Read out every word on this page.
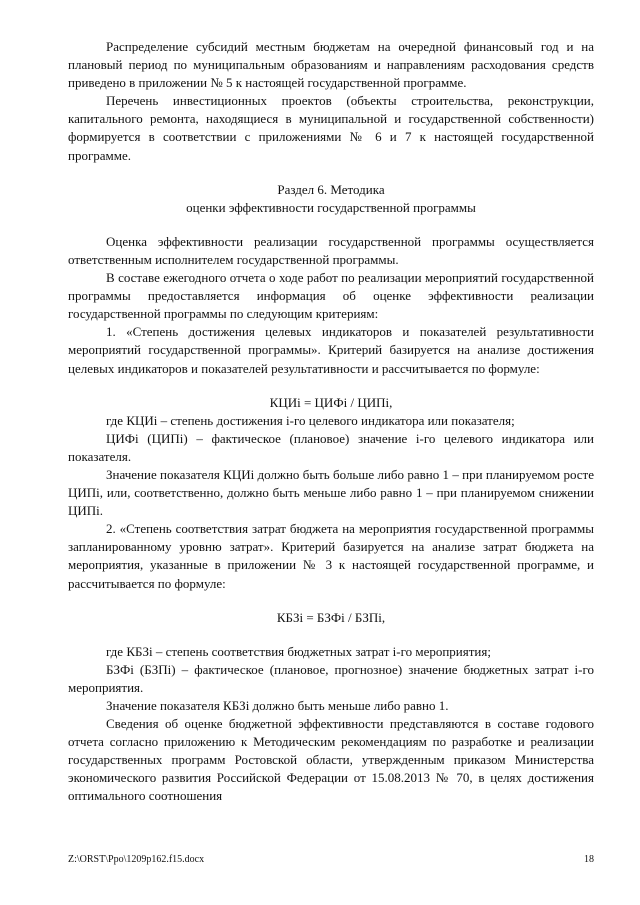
Распределение субсидий местным бюджетам на очередной финансовый год и на плановый период по муниципальным образованиям и направлениям расходования средств приведено в приложении № 5 к настоящей государственной программе.

Перечень инвестиционных проектов (объекты строительства, реконструкции, капитального ремонта, находящиеся в муниципальной и государственной собственности) формируется в соответствии с приложениями № 6 и 7 к настоящей государственной программе.

Раздел 6. Методика

оценки эффективности государственной программы

Оценка эффективности реализации государственной программы осуществляется ответственным исполнителем государственной программы.

В составе ежегодного отчета о ходе работ по реализации мероприятий государственной программы предоставляется информация об оценке эффективности реализации государственной программы по следующим критериям:

1. «Степень достижения целевых индикаторов и показателей результативности мероприятий государственной программы». Критерий базируется на анализе достижения целевых индикаторов и показателей результативности и рассчитывается по формуле:

КЦИi = ЦИФi / ЦИПi,

где КЦИi – степень достижения i-го целевого индикатора или показателя;

ЦИФi (ЦИПi) – фактическое (плановое) значение i-го целевого индикатора или показателя.

Значение показателя КЦИi должно быть больше либо равно 1 – при планируемом росте ЦИПi, или, соответственно, должно быть меньше либо равно 1 – при планируемом снижении ЦИПi.

2. «Степень соответствия затрат бюджета на мероприятия государственной программы запланированному уровню затрат». Критерий базируется на анализе затрат бюджета на мероприятия, указанные в приложении № 3 к настоящей государственной программе, и рассчитывается по формуле:

КБЗi = БЗФi / БЗПi,

где КБЗi – степень соответствия бюджетных затрат i-го мероприятия;

БЗФi (БЗПi) – фактическое (плановое, прогнозное) значение бюджетных затрат i-го мероприятия.

Значение показателя КБЗi должно быть меньше либо равно 1.

Сведения об оценке бюджетной эффективности представляются в составе годового отчета согласно приложению к Методическим рекомендациям по разработке и реализации государственных программ Ростовской области, утвержденным приказом Министерства экономического развития Российской Федерации от 15.08.2013 № 70, в целях достижения оптимального соотношения

Z:\ORST\Ppo\1209p162.f15.docx	18
